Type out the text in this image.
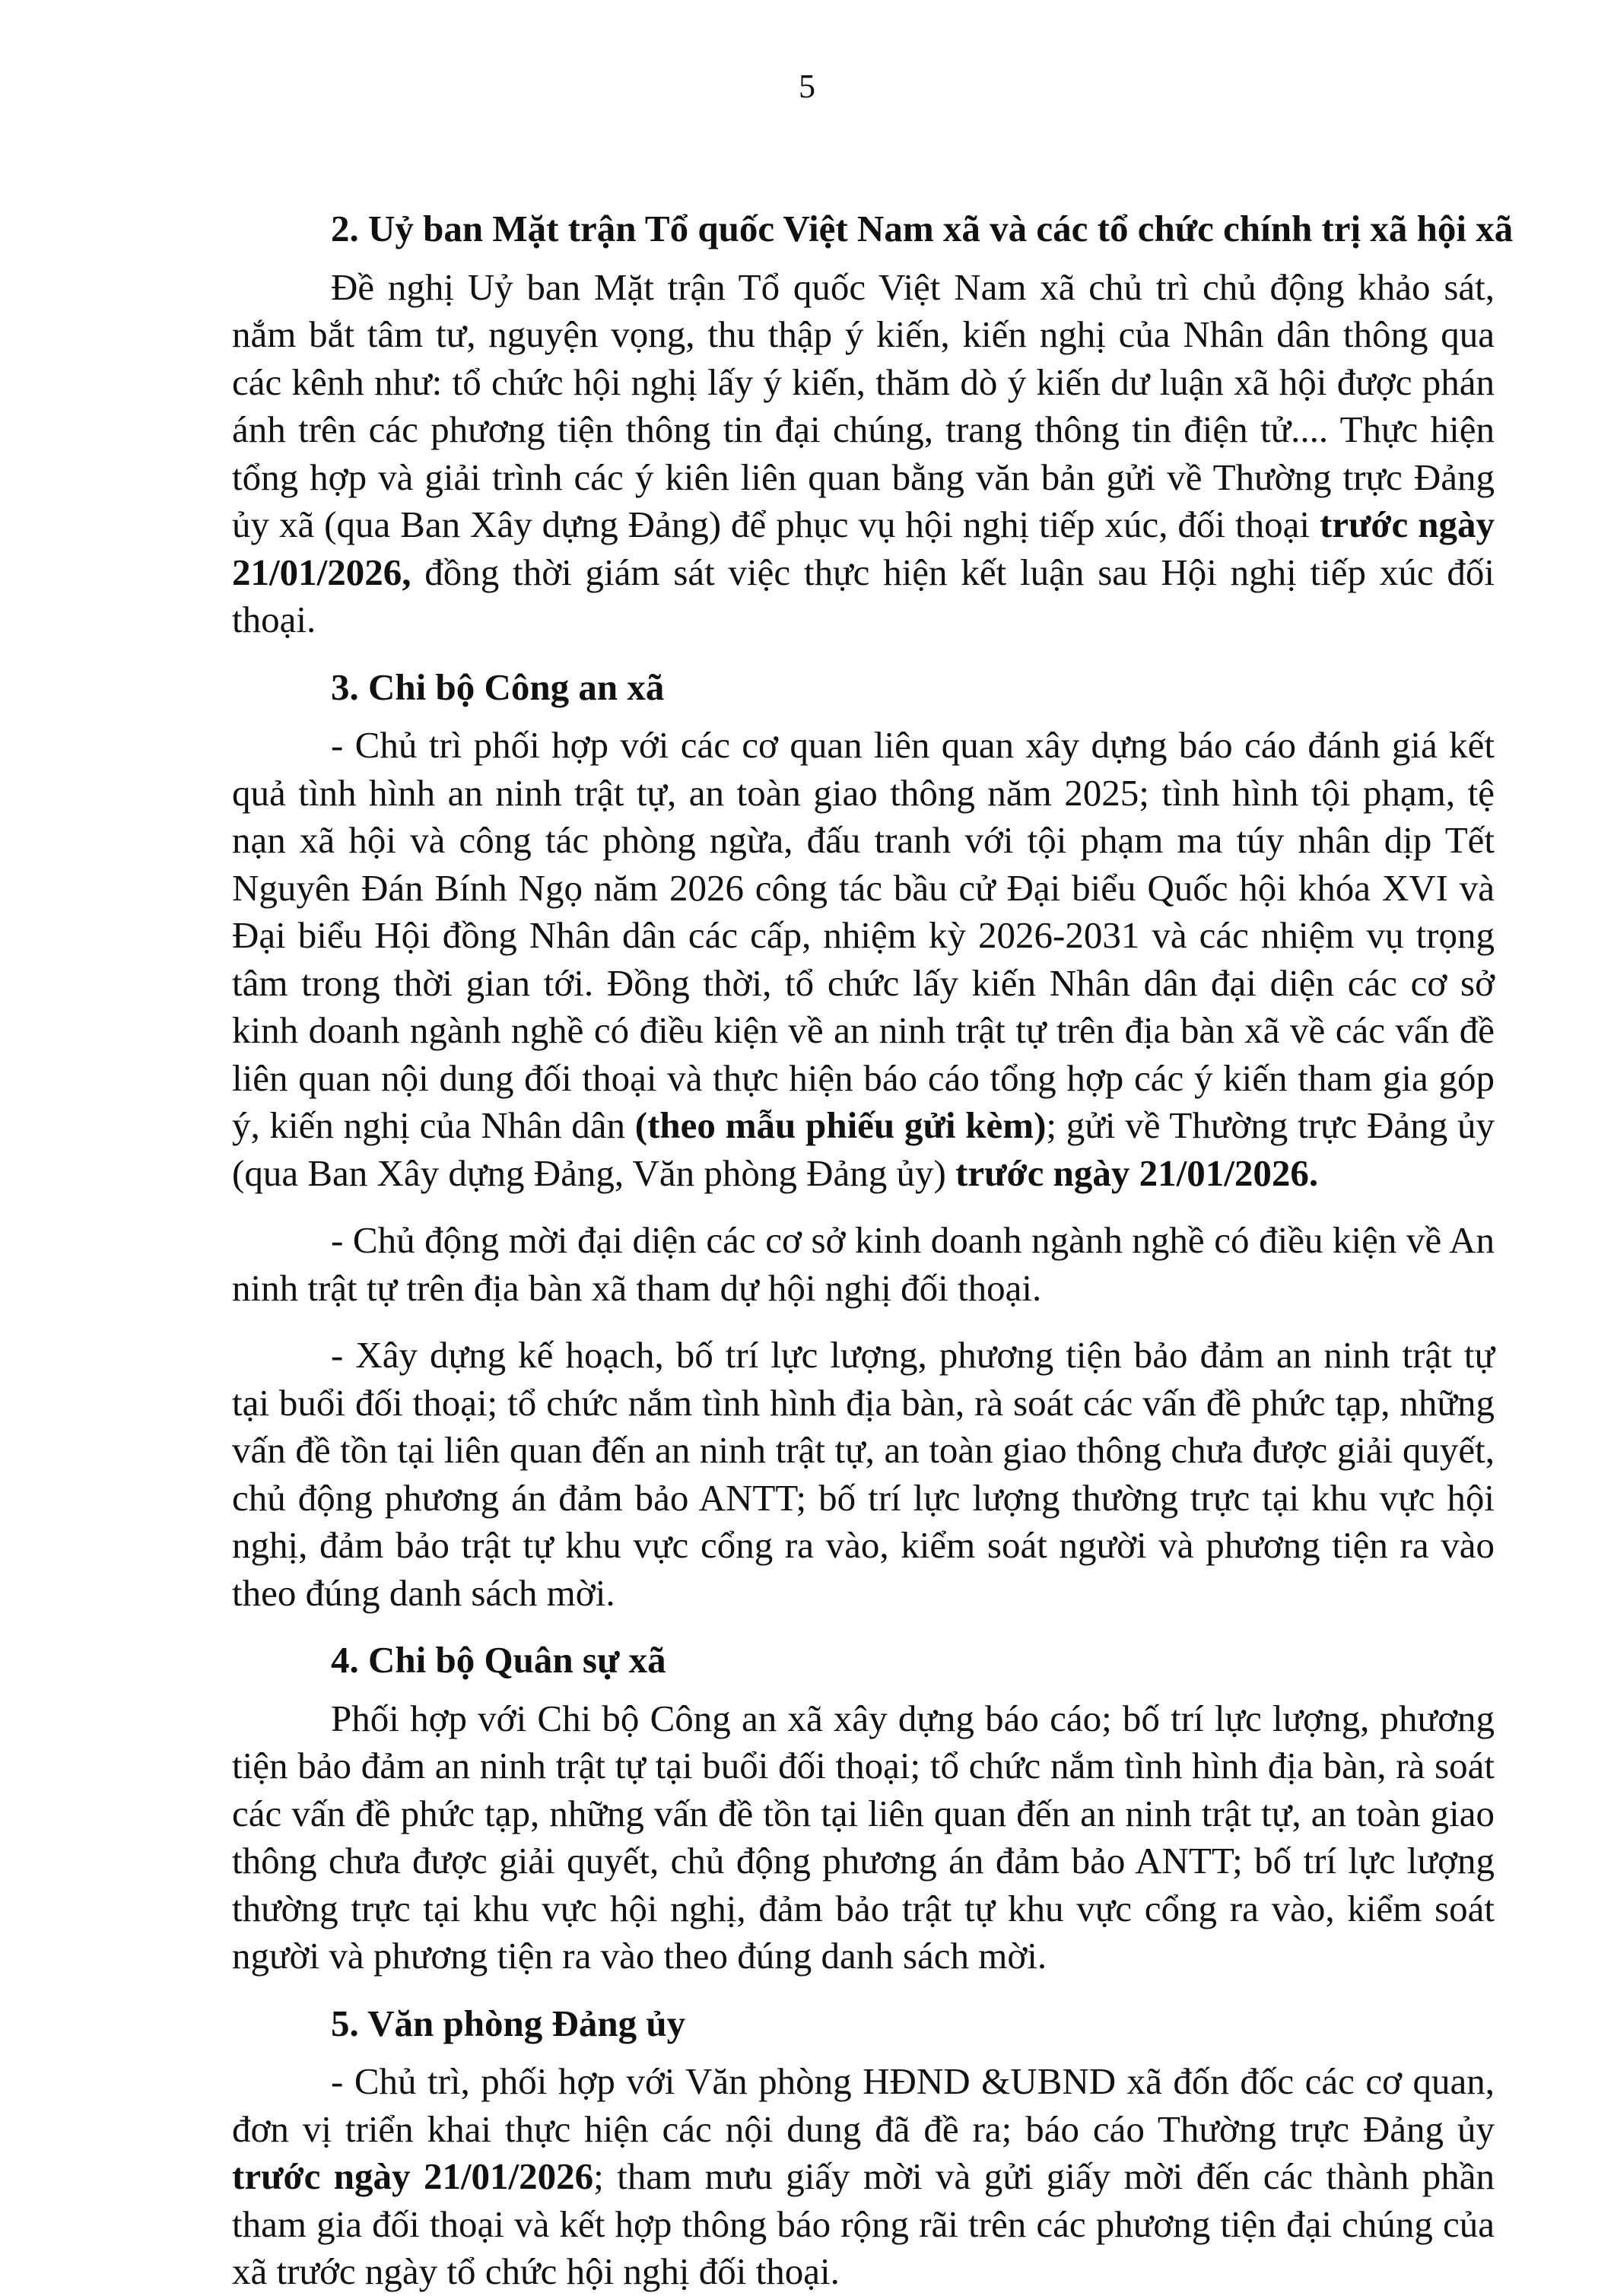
5

2. Uỷ ban Mặt trận Tổ quốc Việt Nam xã và các tổ chức chính trị xã hội xã

Đề nghị Uỷ ban Mặt trận Tổ quốc Việt Nam xã chủ trì chủ động khảo sát, nắm bắt tâm tư, nguyện vọng, thu thập ý kiến, kiến nghị của Nhân dân thông qua các kênh như: tổ chức hội nghị lấy ý kiến, thăm dò ý kiến dư luận xã hội được phán ánh trên các phương tiện thông tin đại chúng, trang thông tin điện tử.... Thực hiện tổng hợp và giải trình các ý kiên liên quan bằng văn bản gửi về Thường trực Đảng ủy xã (qua Ban Xây dựng Đảng) để phục vụ hội nghị tiếp xúc, đối thoại trước ngày 21/01/2026, đồng thời giám sát việc thực hiện kết luận sau Hội nghị tiếp xúc đối thoại.

3. Chi bộ Công an xã

- Chủ trì phối hợp với các cơ quan liên quan xây dựng báo cáo đánh giá kết quả tình hình an ninh trật tự, an toàn giao thông năm 2025; tình hình tội phạm, tệ nạn xã hội và công tác phòng ngừa, đấu tranh với tội phạm ma túy nhân dịp Tết Nguyên Đán Bính Ngọ năm 2026 công tác bầu cử Đại biểu Quốc hội khóa XVI và Đại biểu Hội đồng Nhân dân các cấp, nhiệm kỳ 2026-2031 và các nhiệm vụ trọng tâm trong thời gian tới. Đồng thời, tổ chức lấy kiến Nhân dân đại diện các cơ sở kinh doanh ngành nghề có điều kiện về an ninh trật tự trên địa bàn xã về các vấn đề liên quan nội dung đối thoại và thực hiện báo cáo tổng hợp các ý kiến tham gia góp ý, kiến nghị của Nhân dân (theo mẫu phiếu gửi kèm); gửi về Thường trực Đảng ủy (qua Ban Xây dựng Đảng, Văn phòng Đảng ủy) trước ngày 21/01/2026.

- Chủ động mời đại diện các cơ sở kinh doanh ngành nghề có điều kiện về An ninh trật tự trên địa bàn xã tham dự hội nghị đối thoại.

- Xây dựng kế hoạch, bố trí lực lượng, phương tiện bảo đảm an ninh trật tự tại buổi đối thoại; tổ chức nắm tình hình địa bàn, rà soát các vấn đề phức tạp, những vấn đề tồn tại liên quan đến an ninh trật tự, an toàn giao thông chưa được giải quyết, chủ động phương án đảm bảo ANTT; bố trí lực lượng thường trực tại khu vực hội nghị, đảm bảo trật tự khu vực cổng ra vào, kiểm soát người và phương tiện ra vào theo đúng danh sách mời.

4. Chi bộ Quân sự xã

Phối hợp với Chi bộ Công an xã xây dựng báo cáo; bố trí lực lượng, phương tiện bảo đảm an ninh trật tự tại buổi đối thoại; tổ chức nắm tình hình địa bàn, rà soát các vấn đề phức tạp, những vấn đề tồn tại liên quan đến an ninh trật tự, an toàn giao thông chưa được giải quyết, chủ động phương án đảm bảo ANTT; bố trí lực lượng thường trực tại khu vực hội nghị, đảm bảo trật tự khu vực cổng ra vào, kiểm soát người và phương tiện ra vào theo đúng danh sách mời.

5. Văn phòng Đảng ủy

- Chủ trì, phối hợp với Văn phòng HĐND &UBND xã đốn đốc các cơ quan, đơn vị triển khai thực hiện các nội dung đã đề ra; báo cáo Thường trực Đảng ủy trước ngày 21/01/2026; tham mưu giấy mời và gửi giấy mời đến các thành phần tham gia đối thoại và kết hợp thông báo rộng rãi trên các phương tiện đại chúng của xã trước ngày tổ chức hội nghị đối thoại.
